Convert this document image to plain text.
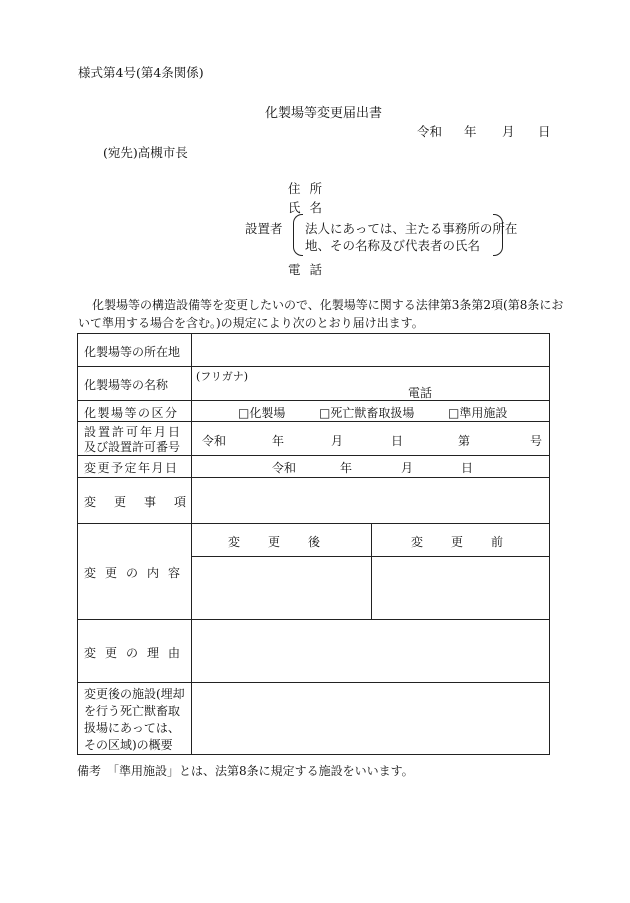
様式第4号(第4条関係)
化製場等変更届出書
令和 年 月 日
(宛先)高槻市長
住所
氏名
設置者 法人にあっては、主たる事務所の所在
地、その名称及び代表者の氏名
電話
化製場等の構造設備等を変更したいので、化製場等に関する法律第3条第2項(第8条にお
いて準用する場合を含む。)の規定により次のとおり届け出ます。
化製場等の所在地
化製場等の名称
(フリガナ)
電話
化製場等の区分	□化製場	□死亡獣畜取扱場	□準用施設
設置許可年月日
及び設置許可番号 令和	年	月	日	第	号
変更予定年月日	令和	年	月	日
変更事項
変更の内容
変更後	変更前
変更の理由
変更後の施設(埋却
を行う死亡獣畜取
扱場にあっては、
その区域)の概要
備考　「準用施設」とは、法第8条に規定する施設をいいます。
